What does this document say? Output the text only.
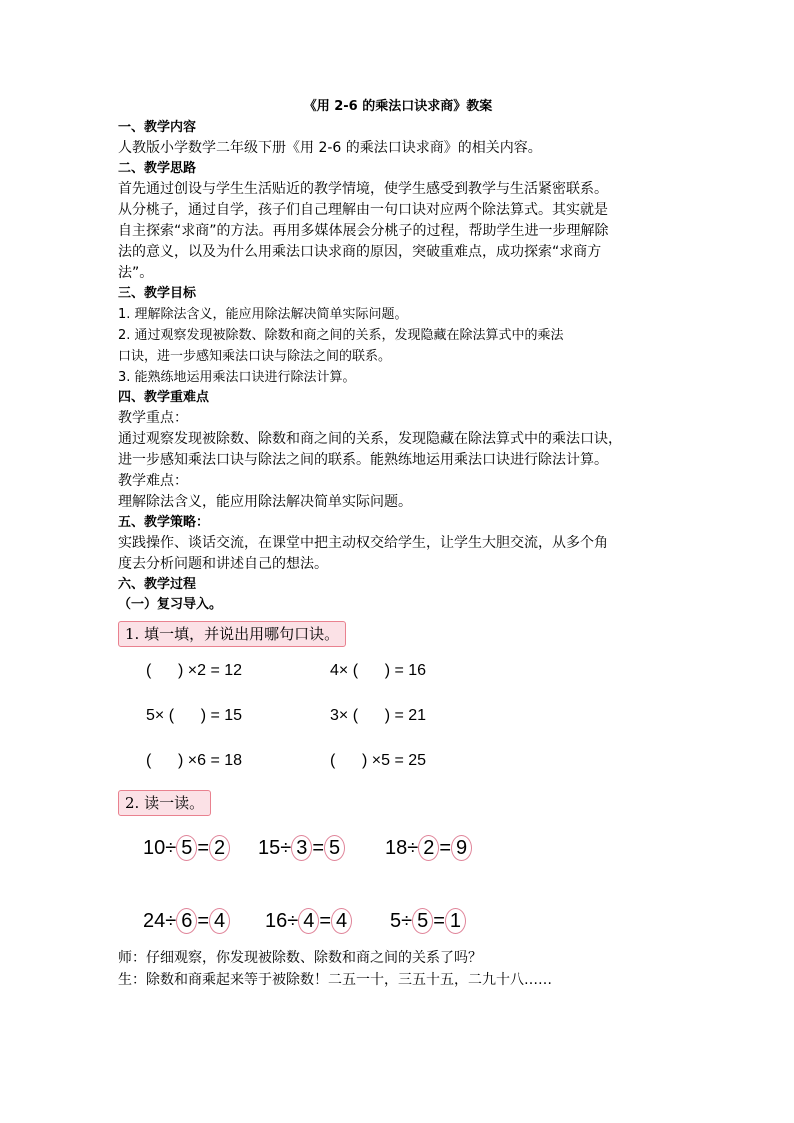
《用 2-6 的乘法口诀求商》教案
一、教学内容
人教版小学数学二年级下册《用 2-6 的乘法口诀求商》的相关内容。
二、教学思路
首先通过创设与学生生活贴近的教学情境，使学生感受到教学与生活紧密联系。
从分桃子，通过自学，孩子们自己理解由一句口诀对应两个除法算式。其实就是
自主探索“求商”的方法。再用多媒体展会分桃子的过程，帮助学生进一步理解除
法的意义，以及为什么用乘法口诀求商的原因，突破重难点，成功探索“求商方
法”。
三、教学目标
1. 理解除法含义，能应用除法解决简单实际问题。
2. 通过观察发现被除数、除数和商之间的关系，发现隐藏在除法算式中的乘法
口诀，进一步感知乘法口诀与除法之间的联系。
3. 能熟练地运用乘法口诀进行除法计算。
四、教学重难点
教学重点：
通过观察发现被除数、除数和商之间的关系，发现隐藏在除法算式中的乘法口诀，
进一步感知乘法口诀与除法之间的联系。能熟练地运用乘法口诀进行除法计算。
教学难点：
理解除法含义，能应用除法解决简单实际问题。
五、教学策略：
实践操作、谈话交流，在课堂中把主动权交给学生，让学生大胆交流，从多个角
度去分析问题和讲述自己的想法。
六、教学过程
（一）复习导入。
1. 填一填，并说出用哪句口诀。
(      ) ×2 = 12	4× (      ) = 16
5× (      ) = 15	3× (      ) = 21
(      ) ×6 = 18	(      ) ×5 = 25
2. 读一读。
10÷ 5 = 2 15÷ 3 = 5 18÷ 2 = 9
24÷ 6 = 4 16÷ 4 = 4 5÷ 5 = 1
师：仔细观察，你发现被除数、除数和商之间的关系了吗？
生：除数和商乘起来等于被除数！二五一十，三五十五，二九十八……
